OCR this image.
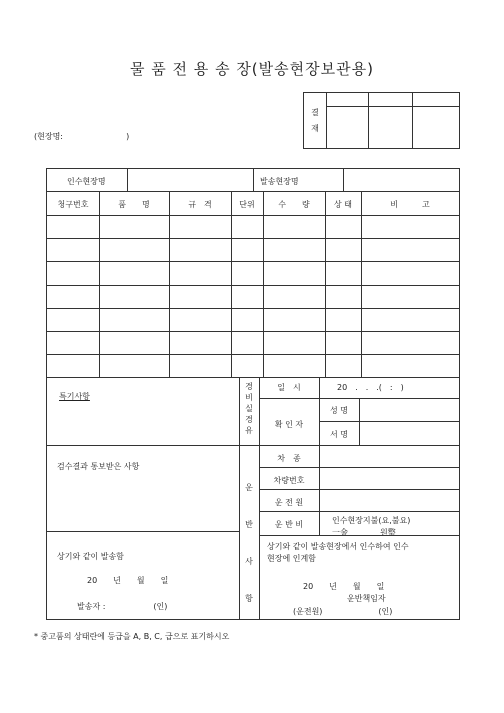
물 품 전 용 송 장(발송현장보관용)
(현장명:	)
결
재
인수현장명	발송현장명
청구번호	품　　명	규　격	단위	수　　량	상 태	비　　　고
특기사항
경
비
실
경
유
일　시	20　.　.　.(　:　)
확 인 자
성 명
서 명
검수결과 통보받은 사항
운
반
사
항
차　종
차량번호
운 전 원
운 반 비	인수현장지불(요,불요)
一金　　　　원整
상기와 같이 발송함
20　　년　　월　　일
발송자 :　　　　　　(인)
상기와 같이 발송현장에서 인수하여 인수
현장에 인계함
20　　년　　월　　일
운반책임자
(운전원)　　　　　　　(인)
* 중고품의 상태란에 등급을 A, B, C, 급으로 표기하시오
